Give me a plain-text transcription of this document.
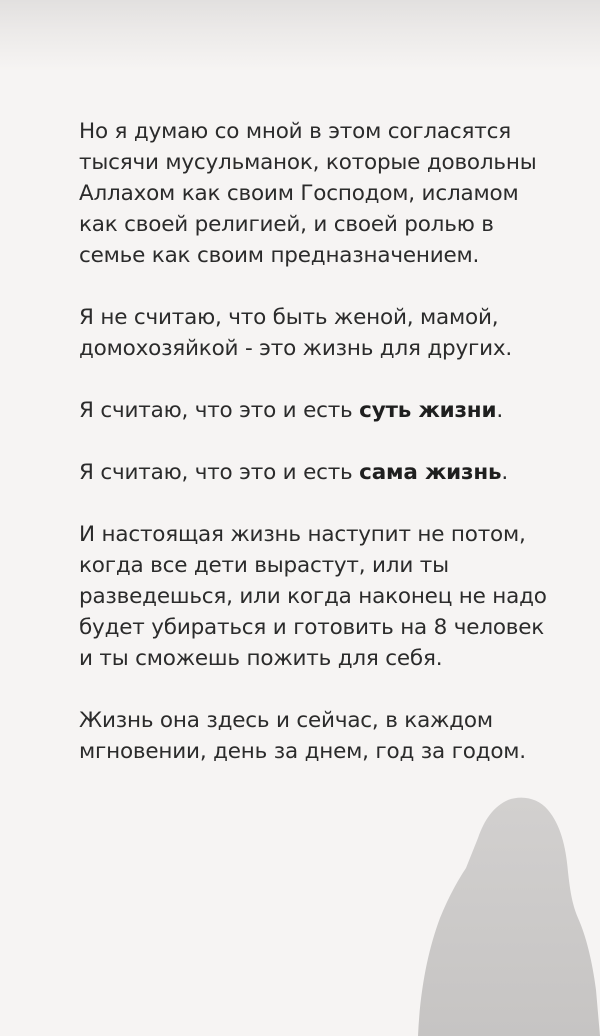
Но я думаю со мной в этом согласятся тысячи мусульманок, которые довольны Аллахом как своим Господом, исламом как своей религией, и своей ролью в семье как своим предназначением.

Я не считаю, что быть женой, мамой, домохозяйкой - это жизнь для других.

Я считаю, что это и есть суть жизни.

Я считаю, что это и есть сама жизнь.

И настоящая жизнь наступит не потом, когда все дети вырастут, или ты разведешься, или когда наконец не надо будет убираться и готовить на 8 человек и ты сможешь пожить для себя.

Жизнь она здесь и сейчас, в каждом мгновении, день за днем, год за годом.
